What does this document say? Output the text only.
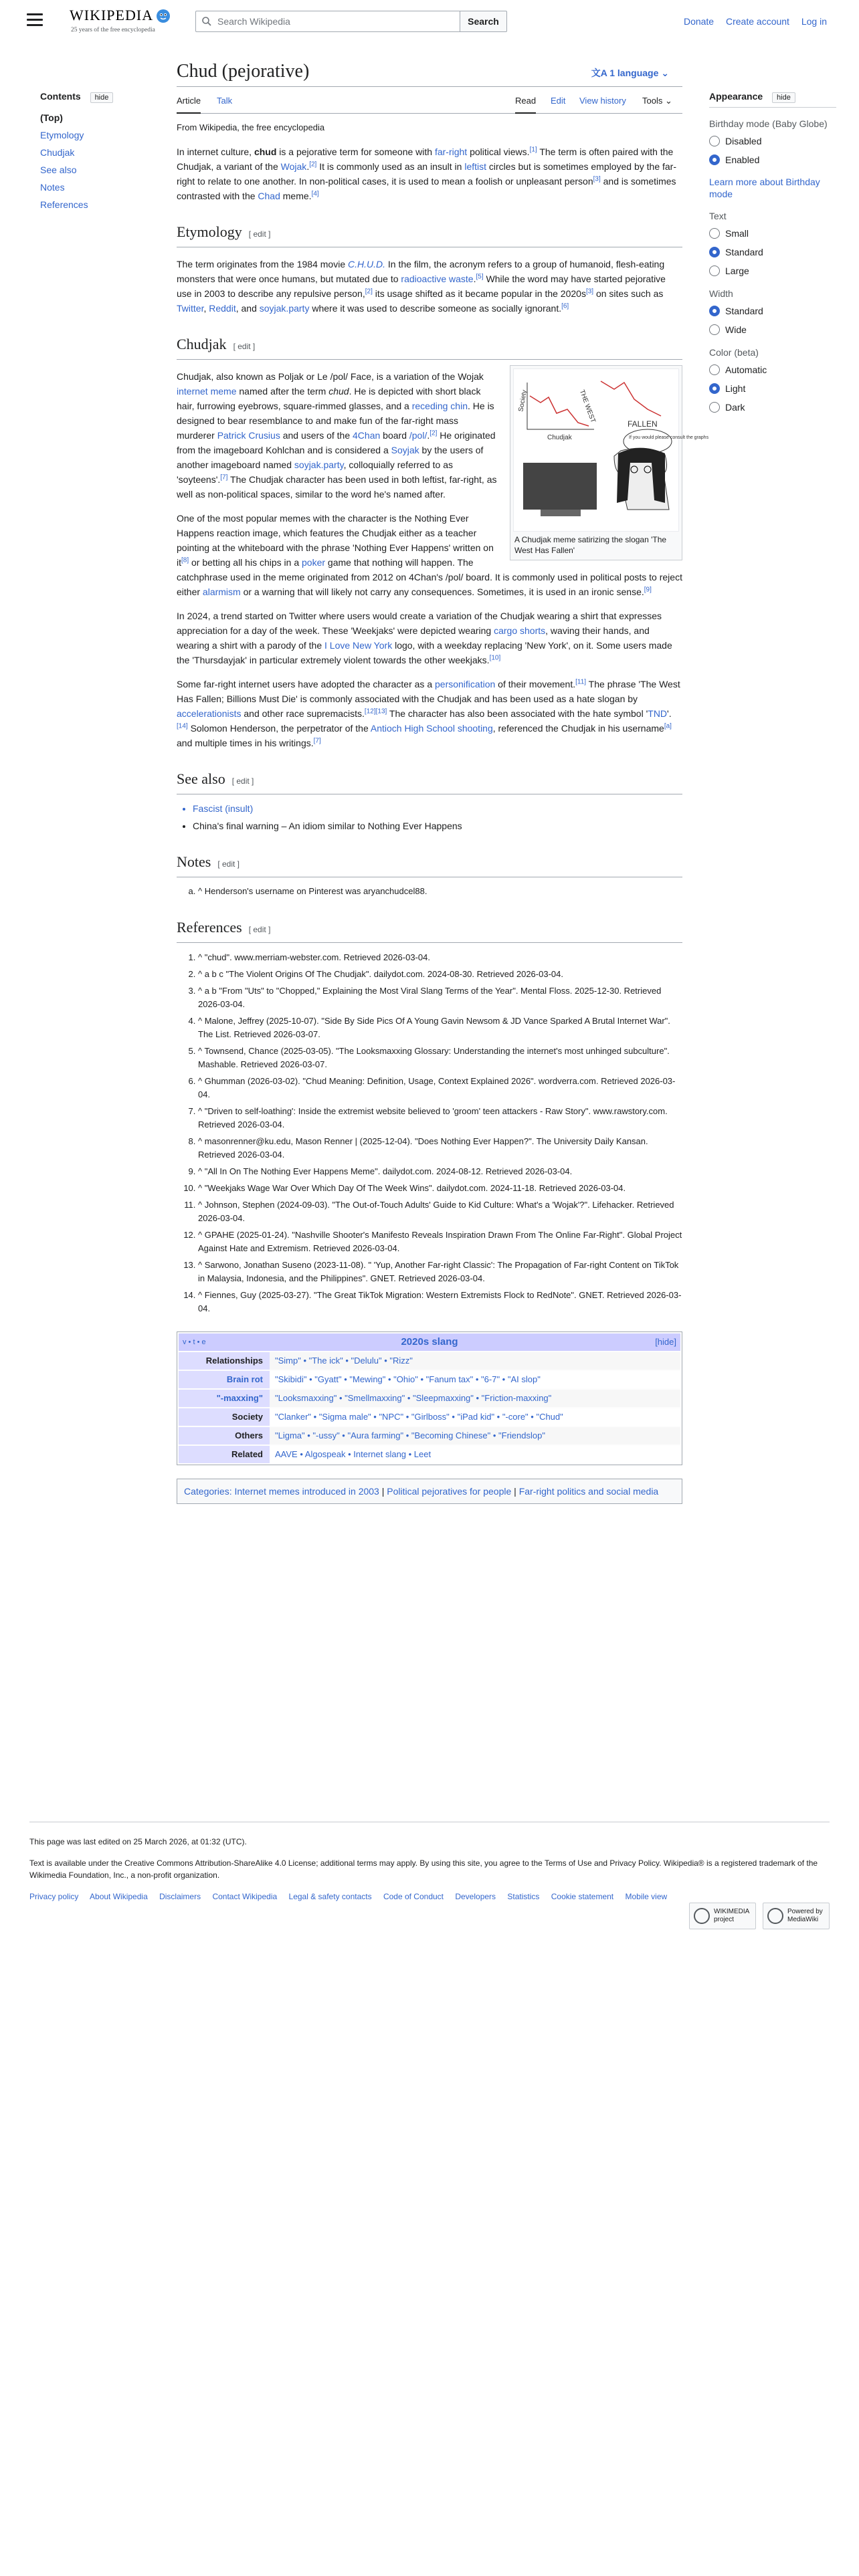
WIKIPEDIA
25 years of the free encyclopedia
Search Wikipedia
Search	Donate Create account Log in
Contents hide
(Top)
Etymology
Chudjak
See also
Notes
References
Appearance hide
Birthday mode (Baby Globe)
Disabled
Enabled
Learn more about Birthday mode
Text
Small
Standard
Large
Width
Standard
Wide
Color (beta)
Automatic
Light
Dark
Chud (pejorative)	文A 1 language ⌄
Article Talk	Read Edit View history Tools ⌄
From Wikipedia, the free encyclopedia

In internet culture, chud is a pejorative term for someone with far-right political views.[1] The term is often paired with the Chudjak, a variant of the Wojak.[2] It is commonly used as an insult in leftist circles but is sometimes employed by the far-right to relate to one another. In non-political cases, it is used to mean a foolish or unpleasant person[3] and is sometimes contrasted with the Chad meme.[4]

Etymology [ edit ]

The term originates from the 1984 movie C.H.U.D. In the film, the acronym refers to a group of humanoid, flesh-eating monsters that were once humans, but mutated due to radioactive waste.[5] While the word may have started pejorative use in 2003 to describe any repulsive person,[2] its usage shifted as it became popular in the 2020s[3] on sites such as Twitter, Reddit, and soyjak.party where it was used to describe someone as socially ignorant.[6]

Chudjak [ edit ]
Society
Chudjak
THE WEST
FALLEN
If you would please consult the graphs
A Chudjak meme satirizing the slogan 'The West Has Fallen'

Chudjak, also known as Poljak or Le /pol/ Face, is a variation of the Wojak internet meme named after the term chud. He is depicted with short black hair, furrowing eyebrows, square-rimmed glasses, and a receding chin. He is designed to bear resemblance to and make fun of the far-right mass murderer Patrick Crusius and users of the 4Chan board /pol/.[2] He originated from the imageboard Kohlchan and is considered a Soyjak by the users of another imageboard named soyjak.party, colloquially referred to as 'soyteens'.[7] The Chudjak character has been used in both leftist, far-right, as well as non-political spaces, similar to the word he's named after.

One of the most popular memes with the character is the Nothing Ever Happens reaction image, which features the Chudjak either as a teacher pointing at the whiteboard with the phrase 'Nothing Ever Happens' written on it[8] or betting all his chips in a poker game that nothing will happen. The catchphrase used in the meme originated from 2012 on 4Chan's /pol/ board. It is commonly used in political posts to reject either alarmism or a warning that will likely not carry any consequences. Sometimes, it is used in an ironic sense.[9]

In 2024, a trend started on Twitter where users would create a variation of the Chudjak wearing a shirt that expresses appreciation for a day of the week. These 'Weekjaks' were depicted wearing cargo shorts, waving their hands, and wearing a shirt with a parody of the I Love New York logo, with a weekday replacing 'New York', on it. Some users made the 'Thursdayjak' in particular extremely violent towards the other weekjaks.[10]

Some far-right internet users have adopted the character as a personification of their movement.[11] The phrase 'The West Has Fallen; Billions Must Die' is commonly associated with the Chudjak and has been used as a hate slogan by accelerationists and other race supremacists.[12][13] The character has also been associated with the hate symbol 'TND'.[14] Solomon Henderson, the perpetrator of the Antioch High School shooting, referenced the Chudjak in his username[a] and multiple times in his writings.[7]

See also [ edit ]
• Fascist (insult)
• China's final warning – An idiom similar to Nothing Ever Happens
Notes [ edit ]
a. ^ Henderson's username on Pinterest was aryanchudcel88.
References [ edit ]
1. ^ "chud". www.merriam-webster.com. Retrieved 2026-03-04.
2. ^ a b c "The Violent Origins Of The Chudjak". dailydot.com. 2024-08-30. Retrieved 2026-03-04.
3. ^ a b "From "Uts" to "Chopped," Explaining the Most Viral Slang Terms of the Year". Mental Floss. 2025-12-30. Retrieved 2026-03-04.
4. ^ Malone, Jeffrey (2025-10-07). "Side By Side Pics Of A Young Gavin Newsom & JD Vance Sparked A Brutal Internet War". The List. Retrieved 2026-03-07.
5. ^ Townsend, Chance (2025-03-05). "The Looksmaxxing Glossary: Understanding the internet's most unhinged subculture". Mashable. Retrieved 2026-03-07.
6. ^ Ghumman (2026-03-02). "Chud Meaning: Definition, Usage, Context Explained 2026". wordverra.com. Retrieved 2026-03-04.
7. ^ "Driven to self-loathing': Inside the extremist website believed to 'groom' teen attackers - Raw Story". www.rawstory.com. Retrieved 2026-03-04.
8. ^ masonrenner@ku.edu, Mason Renner | (2025-12-04). "Does Nothing Ever Happen?". The University Daily Kansan. Retrieved 2026-03-04.
9. ^ "All In On The Nothing Ever Happens Meme". dailydot.com. 2024-08-12. Retrieved 2026-03-04.
10. ^ "Weekjaks Wage War Over Which Day Of The Week Wins". dailydot.com. 2024-11-18. Retrieved 2026-03-04.
11. ^ Johnson, Stephen (2024-09-03). "The Out-of-Touch Adults' Guide to Kid Culture: What's a 'Wojak'?". Lifehacker. Retrieved 2026-03-04.
12. ^ GPAHE (2025-01-24). "Nashville Shooter's Manifesto Reveals Inspiration Drawn From The Online Far-Right". Global Project Against Hate and Extremism. Retrieved 2026-03-04.
13. ^ Sarwono, Jonathan Suseno (2023-11-08). " 'Yup, Another Far-right Classic': The Propagation of Far-right Content on TikTok in Malaysia, Indonesia, and the Philippines". GNET. Retrieved 2026-03-04.
14. ^ Fiennes, Guy (2025-03-27). "The Great TikTok Migration: Western Extremists Flock to RedNote". GNET. Retrieved 2026-03-04.
v • t • e	2020s slang	[hide]
Relationships	"Simp" • "The ick" • "Delulu" • "Rizz"
Brain rot	"Skibidi" • "Gyatt" • "Mewing" • "Ohio" • "Fanum tax" • "6-7" • "AI slop"
"-maxxing"	"Looksmaxxing" • "Smellmaxxing" • "Sleepmaxxing" • "Friction-maxxing"
Society	"Clanker" • "Sigma male" • "NPC" • "Girlboss" • "iPad kid" • "-core" • "Chud"
Others	"Ligma" • "-ussy" • "Aura farming" • "Becoming Chinese" • "Friendslop"
Related	AAVE • Algospeak • Internet slang • Leet
Categories: Internet memes introduced in 2003 | Political pejoratives for people | Far-right politics and social media

This page was last edited on 25 March 2026, at 01:32 (UTC).

Text is available under the Creative Commons Attribution-ShareAlike 4.0 License; additional terms may apply. By using this site, you agree to the Terms of Use and Privacy Policy. Wikipedia® is a registered trademark of the Wikimedia Foundation, Inc., a non-profit organization.

Privacy policy About Wikipedia Disclaimers Contact Wikipedia Legal & safety contacts Code of Conduct Developers Statistics Cookie statement Mobile view
WIKIMEDIA project
Powered by MediaWiki
